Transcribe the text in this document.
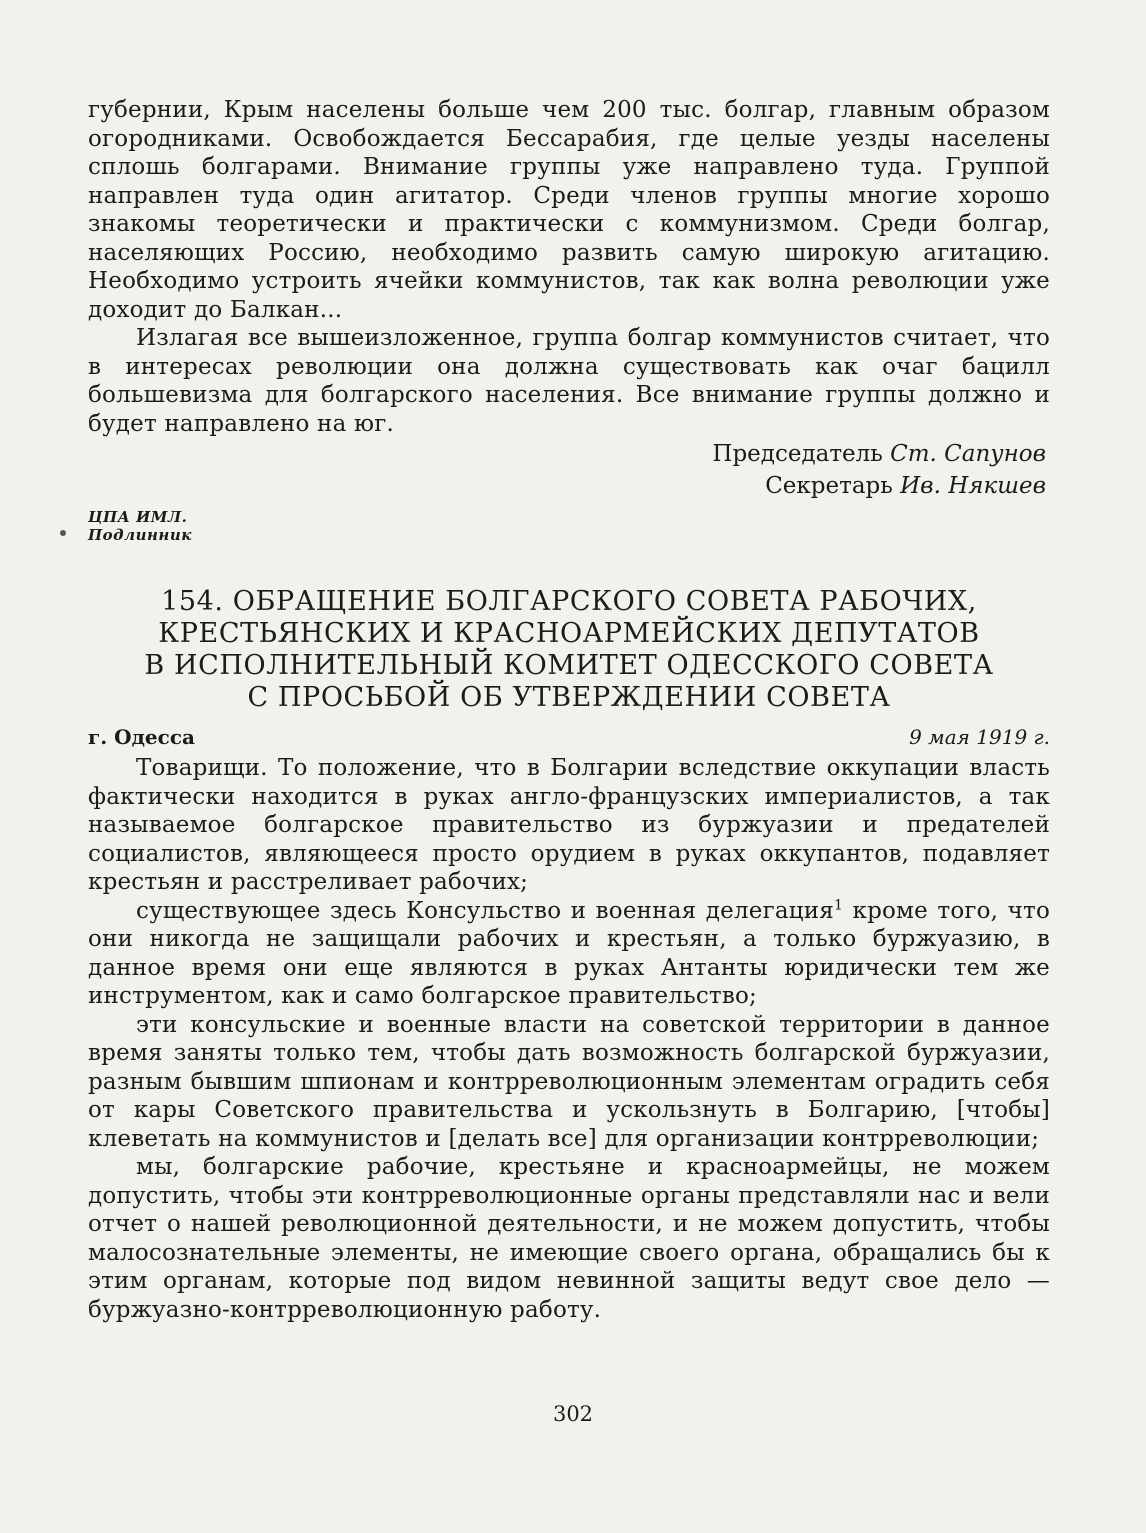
губернии, Крым населены больше чем 200 тыс. болгар, главным образом огородниками. Освобождается Бессарабия, где целые уезды населены сплошь болгарами. Внимание группы уже направлено туда. Группой направлен туда один агитатор. Среди членов группы многие хорошо знакомы теоретически и практически с коммунизмом. Среди болгар, населяющих Россию, необходимо развить самую широкую агитацию. Необходимо устроить ячейки коммунистов, так как волна революции уже доходит до Балкан...

Излагая все вышеизложенное, группа болгар коммунистов считает, что в интересах революции она должна существовать как очаг бацилл большевизма для болгарского населения. Все внимание группы должно и будет направлено на юг.

Председатель Ст. Сапунов
Секретарь Ив. Някшев
ЦПА ИМЛ.
Подлинник
154. ОБРАЩЕНИЕ БОЛГАРСКОГО СОВЕТА РАБОЧИХ,
КРЕСТЬЯНСКИХ И КРАСНОАРМЕЙСКИХ ДЕПУТАТОВ
В ИСПОЛНИТЕЛЬНЫЙ КОМИТЕТ ОДЕССКОГО СОВЕТА
С ПРОСЬБОЙ ОБ УТВЕРЖДЕНИИ СОВЕТА
г. Одесса	9 мая 1919 г.

Товарищи. То положение, что в Болгарии вследствие оккупации власть фактически находится в руках англо-французских империалистов, а так называемое болгарское правительство из буржуазии и предателей социалистов, являющееся просто орудием в руках оккупантов, подавляет крестьян и расстреливает рабочих;

существующее здесь Консульство и военная делегация$^1$ кроме того, что они никогда не защищали рабочих и крестьян, а только буржуазию, в данное время они еще являются в руках Антанты юридически тем же инструментом, как и само болгарское правительство;

эти консульские и военные власти на советской территории в данное время заняты только тем, чтобы дать возможность болгарской буржуазии, разным бывшим шпионам и контрреволюционным элементам оградить себя от кары Советского правительства и ускользнуть в Болгарию, [чтобы] клеветать на коммунистов и [делать все] для организации контрреволюции;

мы, болгарские рабочие, крестьяне и красноармейцы, не можем допустить, чтобы эти контрреволюционные органы представляли нас и вели отчет о нашей революционной деятельности, и не можем допустить, чтобы малосознательные элементы, не имеющие своего органа, обращались бы к этим органам, которые под видом невинной защиты ведут свое дело — буржуазно-контрреволюционную работу.

302
